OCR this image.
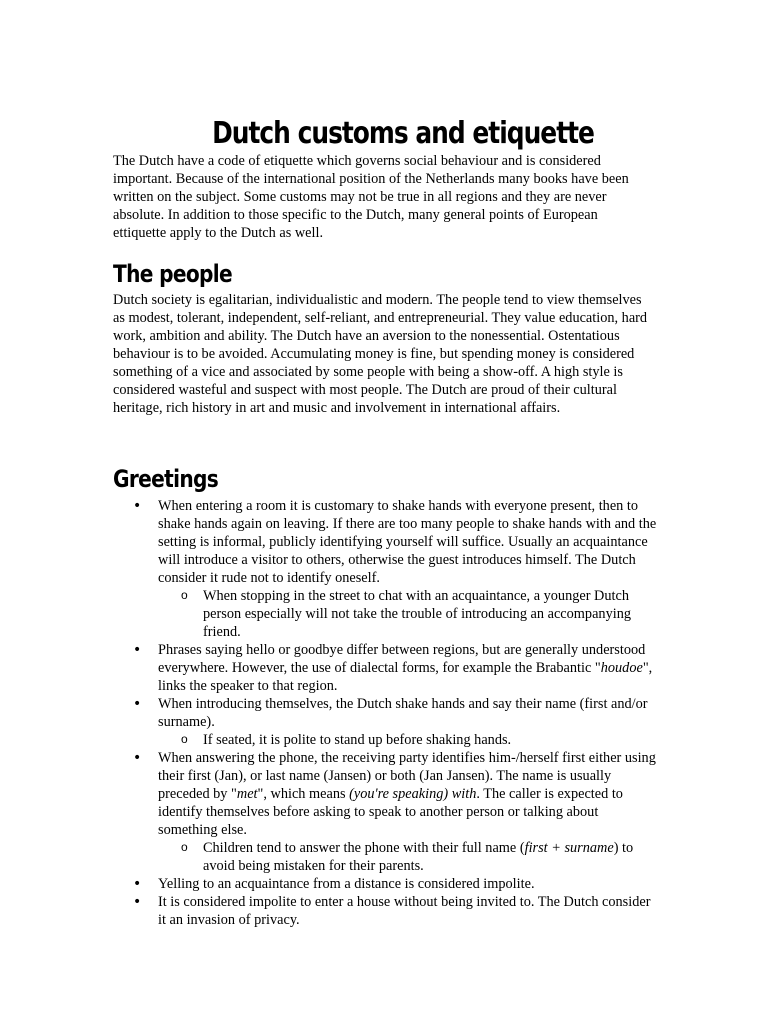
Dutch customs and etiquette

The Dutch have a code of etiquette which governs social behaviour and is considered important. Because of the international position of the Netherlands many books have been written on the subject. Some customs may not be true in all regions and they are never absolute. In addition to those specific to the Dutch, many general points of European ettiquette apply to the Dutch as well.

The people

Dutch society is egalitarian, individualistic and modern. The people tend to view themselves as modest, tolerant, independent, self-reliant, and entrepreneurial. They value education, hard work, ambition and ability. The Dutch have an aversion to the nonessential. Ostentatious behaviour is to be avoided. Accumulating money is fine, but spending money is considered something of a vice and associated by some people with being a show-off. A high style is considered wasteful and suspect with most people. The Dutch are proud of their cultural heritage, rich history in art and music and involvement in international affairs.

Greetings
• When entering a room it is customary to shake hands with everyone present, then to shake hands again on leaving. If there are too many people to shake hands with and the setting is informal, publicly identifying yourself will suffice. Usually an acquaintance will introduce a visitor to others, otherwise the guest introduces himself. The Dutch consider it rude not to identify oneself.
o When stopping in the street to chat with an acquaintance, a younger Dutch person especially will not take the trouble of introducing an accompanying friend.
• Phrases saying hello or goodbye differ between regions, but are generally understood everywhere. However, the use of dialectal forms, for example the Brabantic "houdoe", links the speaker to that region.
• When introducing themselves, the Dutch shake hands and say their name (first and/or surname).
o If seated, it is polite to stand up before shaking hands.
• When answering the phone, the receiving party identifies him-/herself first either using their first (Jan), or last name (Jansen) or both (Jan Jansen). The name is usually preceded by "met", which means (you're speaking) with. The caller is expected to identify themselves before asking to speak to another person or talking about something else.
o Children tend to answer the phone with their full name (first + surname) to avoid being mistaken for their parents.
• Yelling to an acquaintance from a distance is considered impolite.
• It is considered impolite to enter a house without being invited to. The Dutch consider it an invasion of privacy.
